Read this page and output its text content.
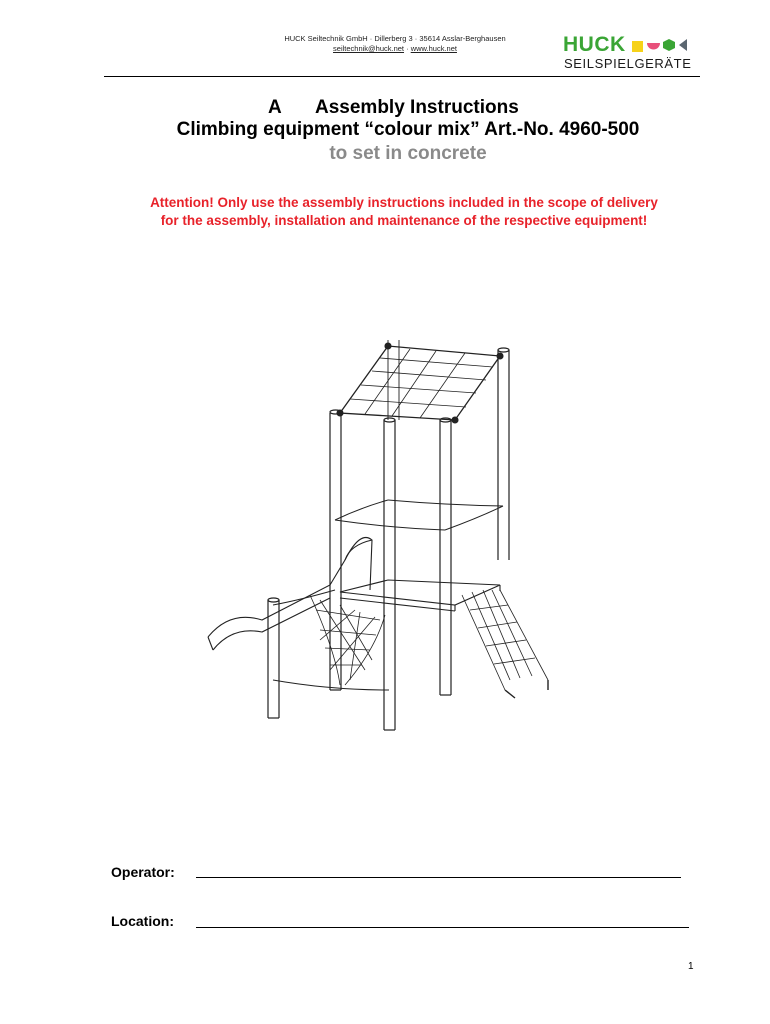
HUCK Seiltechnik GmbH · Dillerberg 3 · 35614 Asslar-Berghausen
seiltechnik@huck.net · www.huck.net	HUCK
SEILSPIELGERÄTE
A Assembly Instructions
Climbing equipment “colour mix” Art.-No. 4960-500
to set in concrete
Attention! Only use the assembly instructions included in the scope of delivery
for the assembly, installation and maintenance of the respective equipment!
Operator:
Location:
1
